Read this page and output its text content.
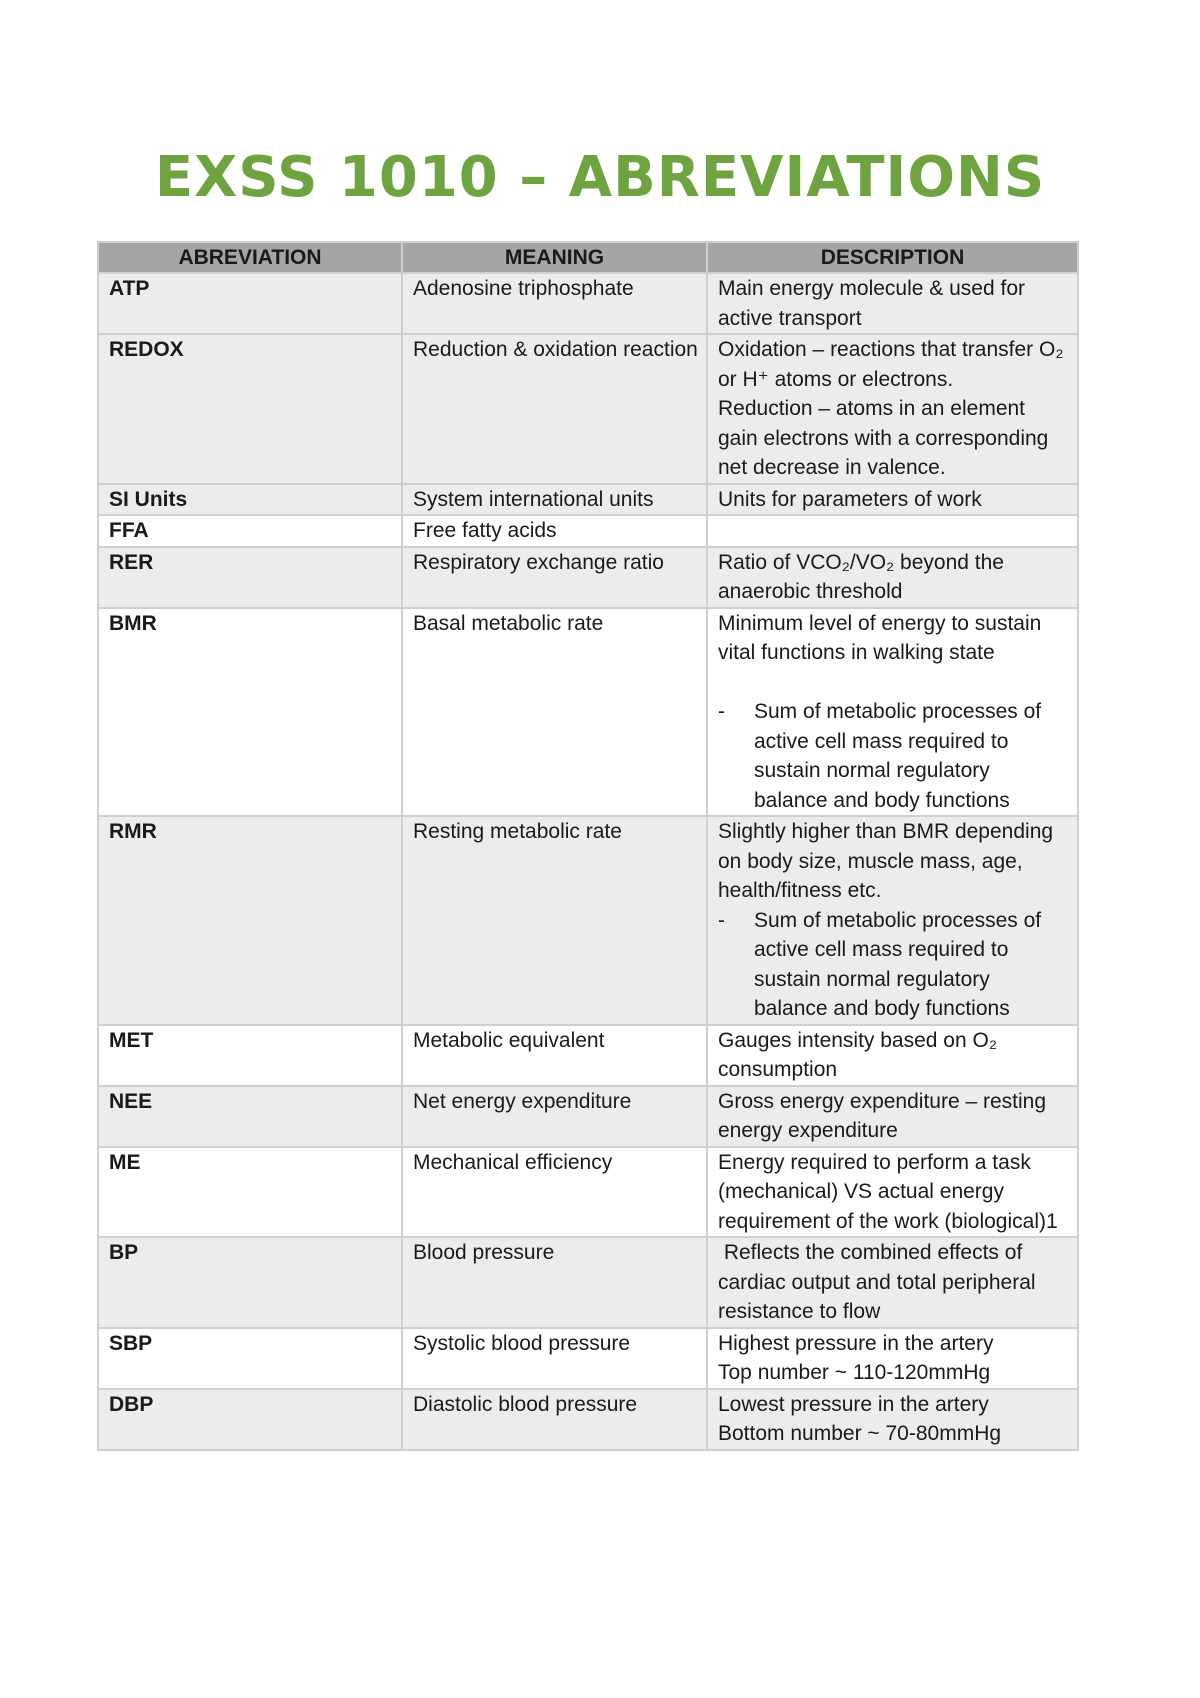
EXSS 1010 – ABREVIATIONS
ABREVIATION	MEANING	DESCRIPTION
ATP	Adenosine triphosphate	Main energy molecule & used for active transport

REDOX	Reduction & oxidation reaction	Oxidation – reactions that transfer O₂ or H⁺ atoms or electrons.
Reduction – atoms in an element gain electrons with a corresponding net decrease in valence.

SI Units	System international units	Units for parameters of work

FFA	Free fatty acids	
RER	Respiratory exchange ratio	Ratio of VCO₂/VO₂ beyond the anaerobic threshold

BMR	Basal metabolic rate	Minimum level of energy to sustain vital functions in walking state
- Sum of metabolic processes of active cell mass required to sustain normal regulatory balance and body functions

RMR	Resting metabolic rate	Slightly higher than BMR depending on body size, muscle mass, age, health/fitness etc.
- Sum of metabolic processes of active cell mass required to sustain normal regulatory balance and body functions

MET	Metabolic equivalent	Gauges intensity based on O₂ consumption

NEE	Net energy expenditure	Gross energy expenditure – resting energy expenditure

ME	Mechanical efficiency	Energy required to perform a task (mechanical) VS actual energy requirement of the work (biological)1

BP	Blood pressure	Reflects the combined effects of cardiac output and total peripheral resistance to flow

SBP	Systolic blood pressure	Highest pressure in the artery
Top number ~ 110-120mmHg

DBP	Diastolic blood pressure	Lowest pressure in the artery
Bottom number ~ 70-80mmHg
